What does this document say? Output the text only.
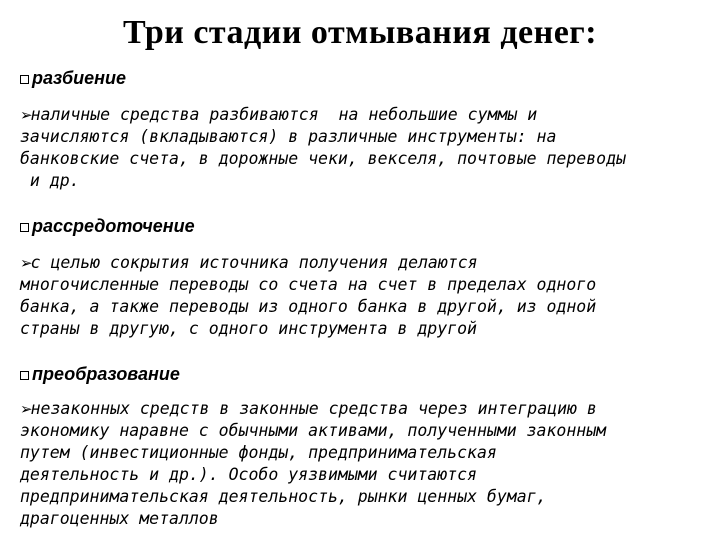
Три стадии отмывания денег:
разбиение
➢наличные средства разбиваются  на небольшие суммы и
зачисляются (вкладываются) в различные инструменты: на
банковские счета, в дорожные чеки, векселя, почтовые переводы
и др.
рассредоточение
➢с целью сокрытия источника получения делаются
многочисленные переводы со счета на счет в пределах одного
банка, а также переводы из одного банка в другой, из одной
страны в другую, с одного инструмента в другой
преобразование
➢незаконных средств в законные средства через интеграцию в
экономику наравне с обычными активами, полученными законным
путем (инвестиционные фонды, предпринимательская
деятельность и др.). Особо уязвимыми считаются
предпринимательская деятельность, рынки ценных бумаг,
драгоценных металлов
